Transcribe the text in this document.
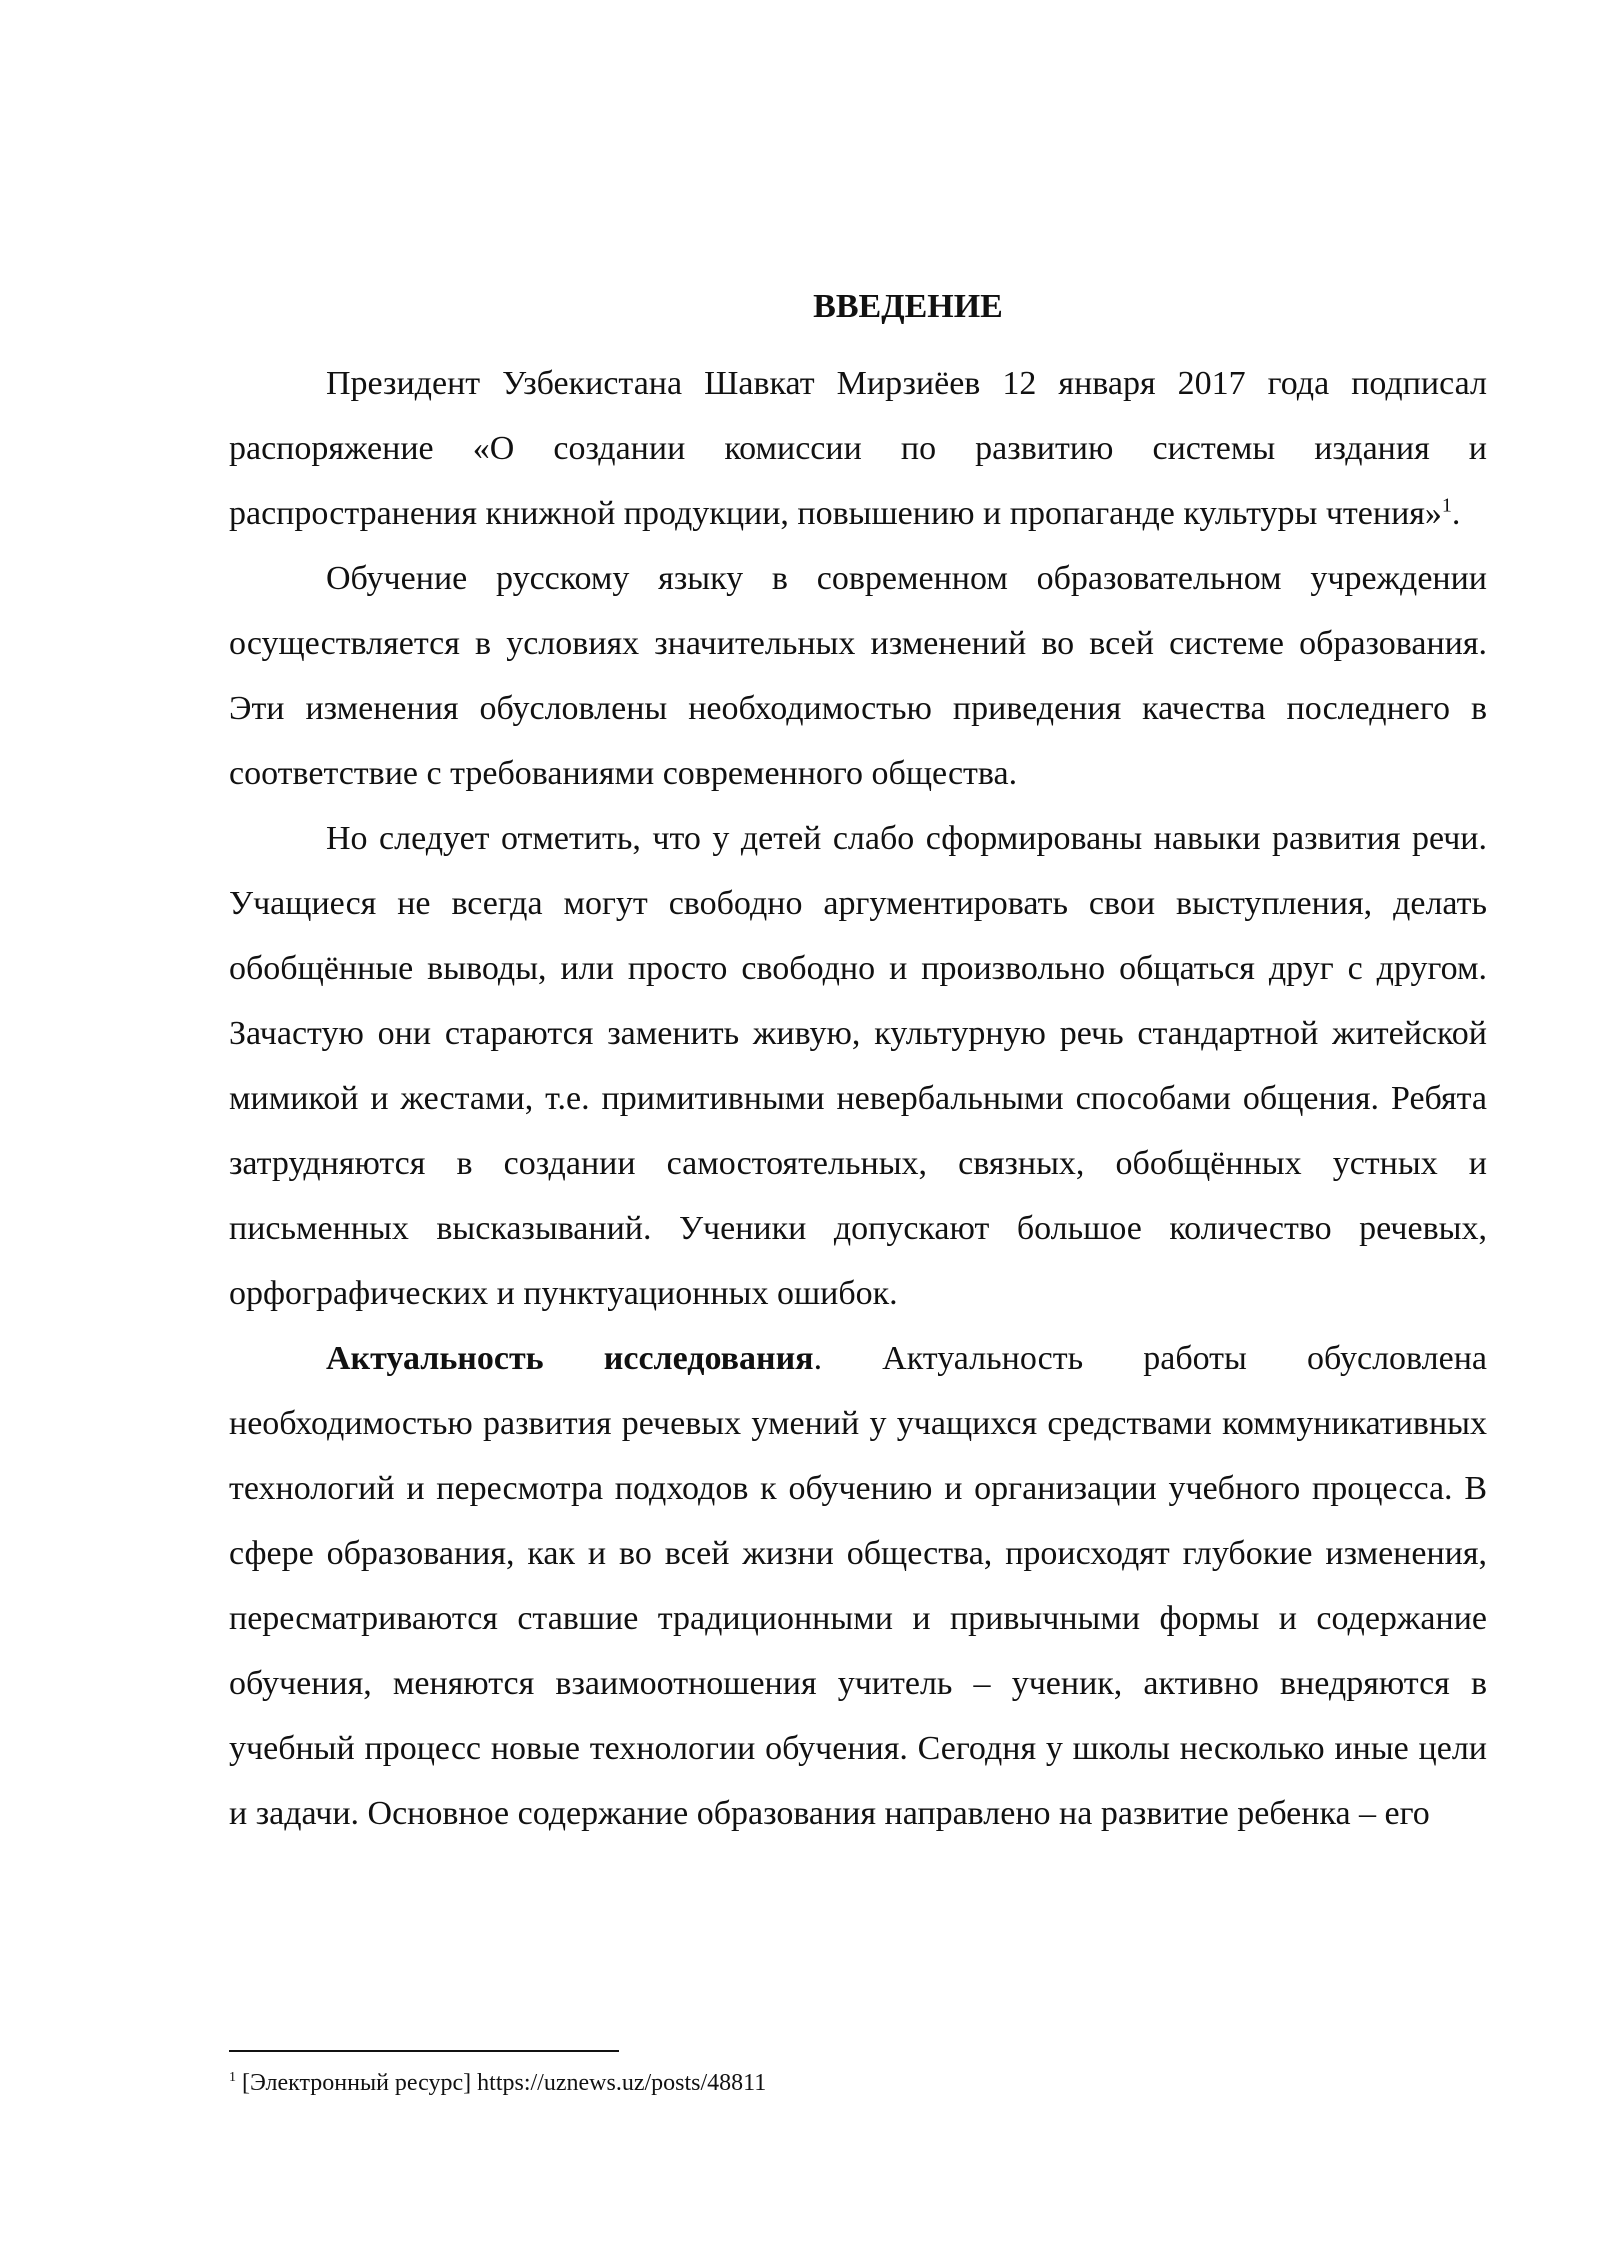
ВВЕДЕНИЕ

Президент Узбекистана Шавкат Мирзиёев 12 января 2017 года подписал распоряжение «О создании комиссии по развитию системы издания и распространения книжной продукции, повышению и пропаганде культуры чтения»$^1$.

Обучение русскому языку в современном образовательном учреждении осуществляется в условиях значительных изменений во всей системе образования. Эти изменения обусловлены необходимостью приведения качества последнего в соответствие с требованиями современного общества.

Но следует отметить, что у детей слабо сформированы навыки развития речи. Учащиеся не всегда могут свободно аргументировать свои выступления, делать обобщённые выводы, или просто свободно и произвольно общаться друг с другом. Зачастую они стараются заменить живую, культурную речь стандартной житейской мимикой и жестами, т.е. примитивными невербальными способами общения. Ребята затрудняются в создании самостоятельных, связных, обобщённых устных и письменных высказываний. Ученики допускают большое количество речевых, орфографических и пунктуационных ошибок.

Актуальность исследования. Актуальность работы обусловлена необходимостью развития речевых умений у учащихся средствами коммуникативных технологий и пересмотра подходов к обучению и организации учебного процесса. В сфере образования, как и во всей жизни общества, происходят глубокие изменения, пересматриваются ставшие традиционными и привычными формы и содержание обучения, меняются взаимоотношения учитель – ученик, активно внедряются в учебный процесс новые технологии обучения. Сегодня у школы несколько иные цели и задачи. Основное содержание образования направлено на развитие ребенка – его

$^1$ [Электронный ресурс] https://uznews.uz/posts/48811
